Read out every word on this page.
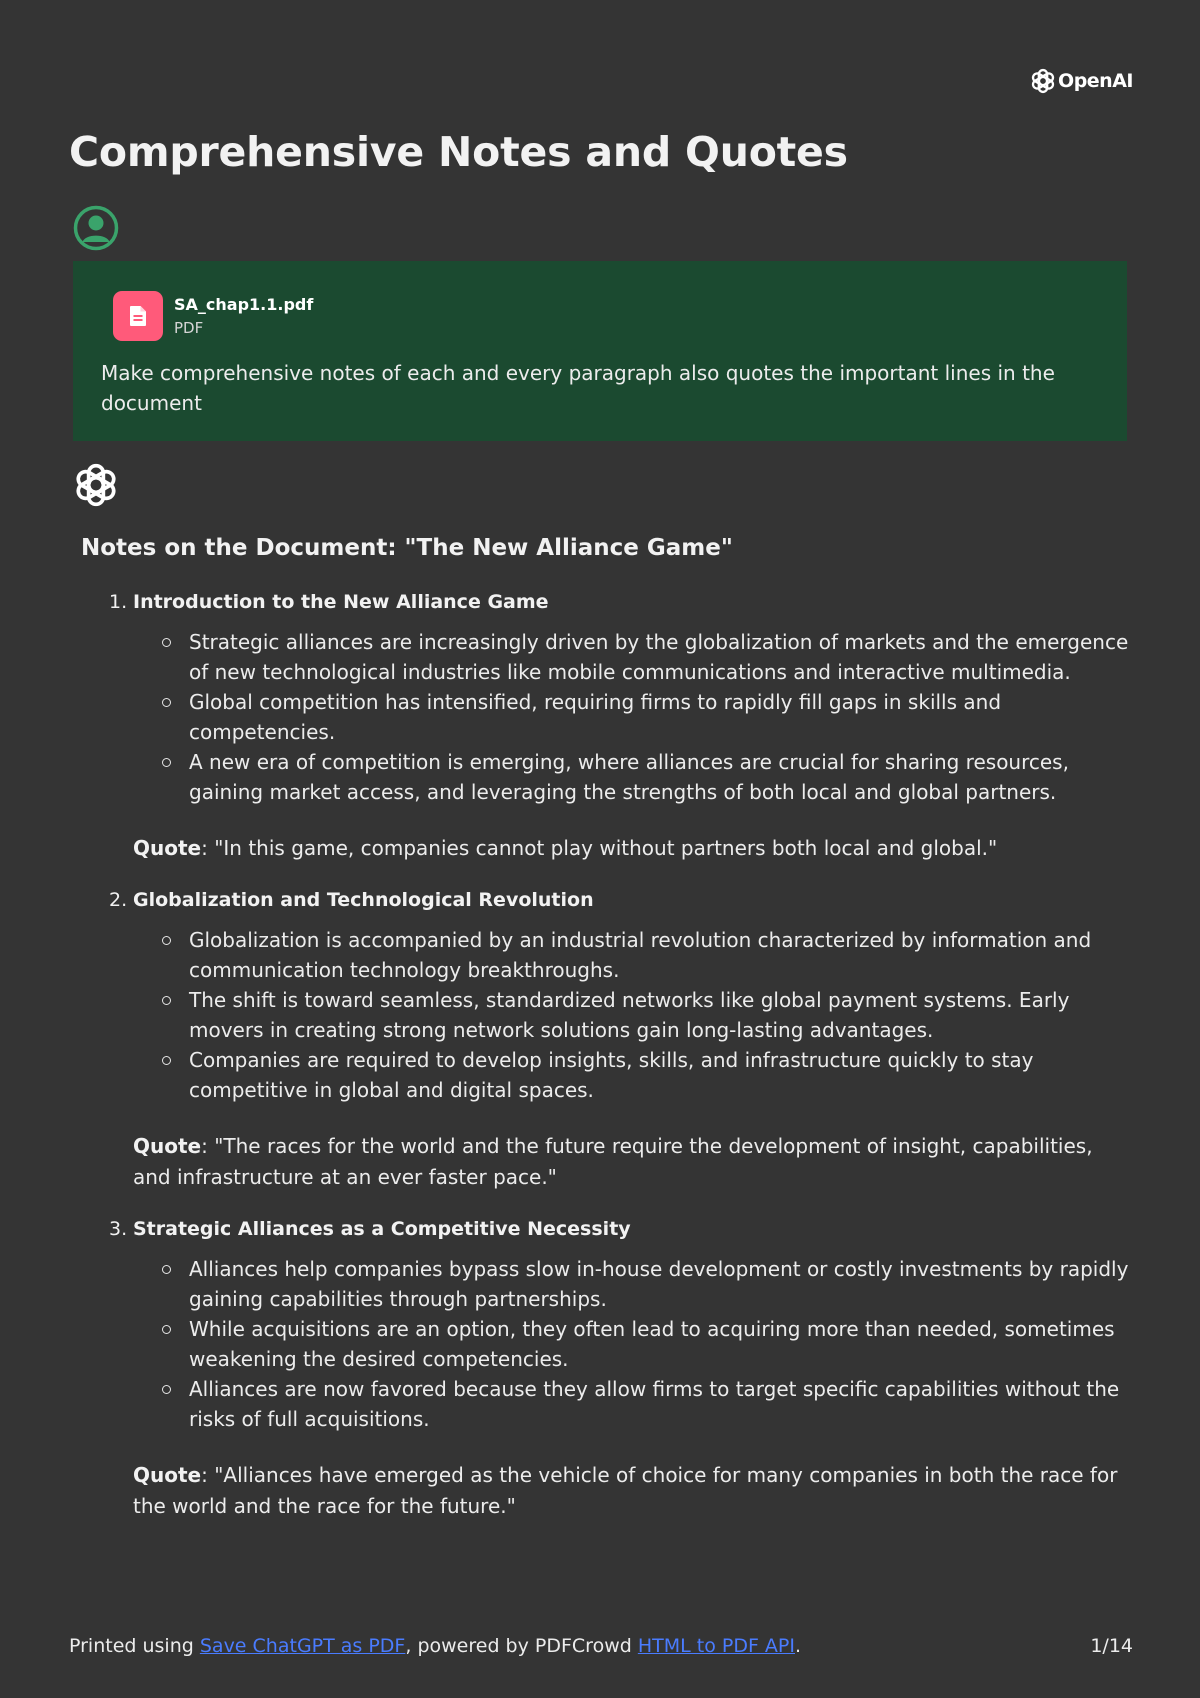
OpenAI
Comprehensive Notes and Quotes
SA_chap1.1.pdf
PDF
Make comprehensive notes of each and every paragraph also quotes the important lines in the document
Notes on the Document: "The New Alliance Game"
1. Introduction to the New Alliance Game
Strategic alliances are increasingly driven by the globalization of markets and the emergence of new technological industries like mobile communications and interactive multimedia.
Global competition has intensified, requiring firms to rapidly fill gaps in skills and competencies.
A new era of competition is emerging, where alliances are crucial for sharing resources, gaining market access, and leveraging the strengths of both local and global partners.

Quote: "In this game, companies cannot play without partners both local and global."

2. Globalization and Technological Revolution
Globalization is accompanied by an industrial revolution characterized by information and communication technology breakthroughs.
The shift is toward seamless, standardized networks like global payment systems. Early movers in creating strong network solutions gain long-lasting advantages.
Companies are required to develop insights, skills, and infrastructure quickly to stay competitive in global and digital spaces.

Quote: "The races for the world and the future require the development of insight, capabilities, and infrastructure at an ever faster pace."

3. Strategic Alliances as a Competitive Necessity
Alliances help companies bypass slow in-house development or costly investments by rapidly gaining capabilities through partnerships.
While acquisitions are an option, they often lead to acquiring more than needed, sometimes weakening the desired competencies.
Alliances are now favored because they allow firms to target specific capabilities without the risks of full acquisitions.

Quote: "Alliances have emerged as the vehicle of choice for many companies in both the race for the world and the race for the future."

Printed using Save ChatGPT as PDF, powered by PDFCrowd HTML to PDF API.	1/14
